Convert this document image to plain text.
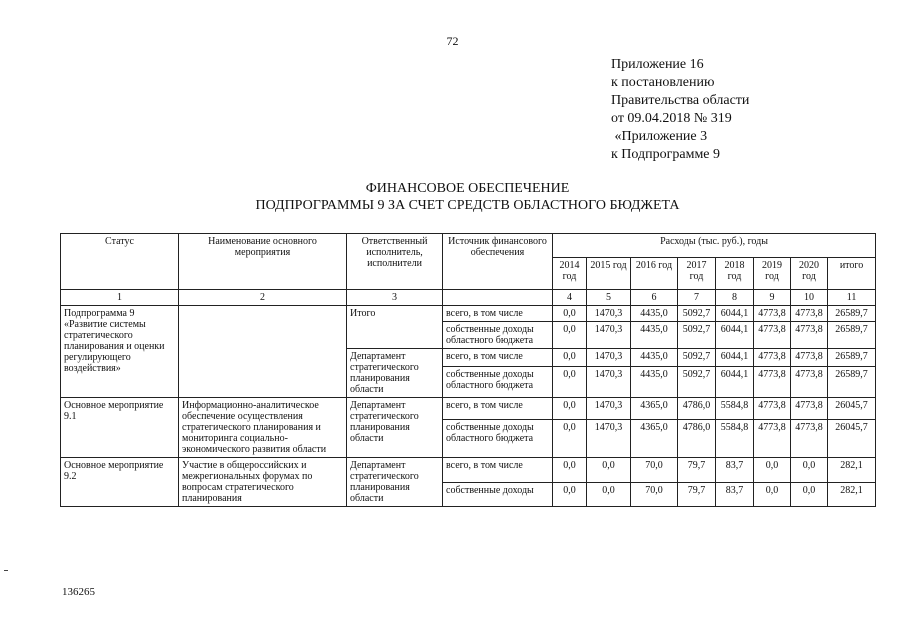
72
Приложение 16
к постановлению
Правительства области
от 09.04.2018 № 319
«Приложение 3
к Подпрограмме 9
ФИНАНСОВОЕ ОБЕСПЕЧЕНИЕ
ПОДПРОГРАММЫ 9 ЗА СЧЕТ СРЕДСТВ ОБЛАСТНОГО БЮДЖЕТА
Статус	Наименование основного мероприятия	Ответственный исполнитель, исполнители	Источник финансового обеспечения	Расходы (тыс. руб.), годы							
				2014 год	2015 год	2016 год	2017 год	2018 год	2019 год	2020 год	итого
1	2	3		4	5	6	7	8	9	10	11
Подпрограмма 9 «Развитие системы стратегического планирования и оценки регулирующего воздействия»		Итого	всего, в том числе	0,0	1470,3	4435,0	5092,7	6044,1	4773,8	4773,8	26589,7
			собственные доходы областного бюджета	0,0	1470,3	4435,0	5092,7	6044,1	4773,8	4773,8	26589,7
		Департамент стратегического планирования области	всего, в том числе	0,0	1470,3	4435,0	5092,7	6044,1	4773,8	4773,8	26589,7
			собственные доходы областного бюджета	0,0	1470,3	4435,0	5092,7	6044,1	4773,8	4773,8	26589,7
Основное мероприятие 9.1	Информационно-аналитическое обеспечение осуществления стратегического планирования и мониторинга социально-экономического развития области	Департамент стратегического планирования области	всего, в том числе	0,0	1470,3	4365,0	4786,0	5584,8	4773,8	4773,8	26045,7
			собственные доходы областного бюджета	0,0	1470,3	4365,0	4786,0	5584,8	4773,8	4773,8	26045,7
Основное мероприятие 9.2	Участие в общероссийских и межрегиональных форумах по вопросам стратегического планирования	Департамент стратегического планирования области	всего, в том числе	0,0	0,0	70,0	79,7	83,7	0,0	0,0	282,1
			собственные доходы	0,0	0,0	70,0	79,7	83,7	0,0	0,0	282,1
136265
